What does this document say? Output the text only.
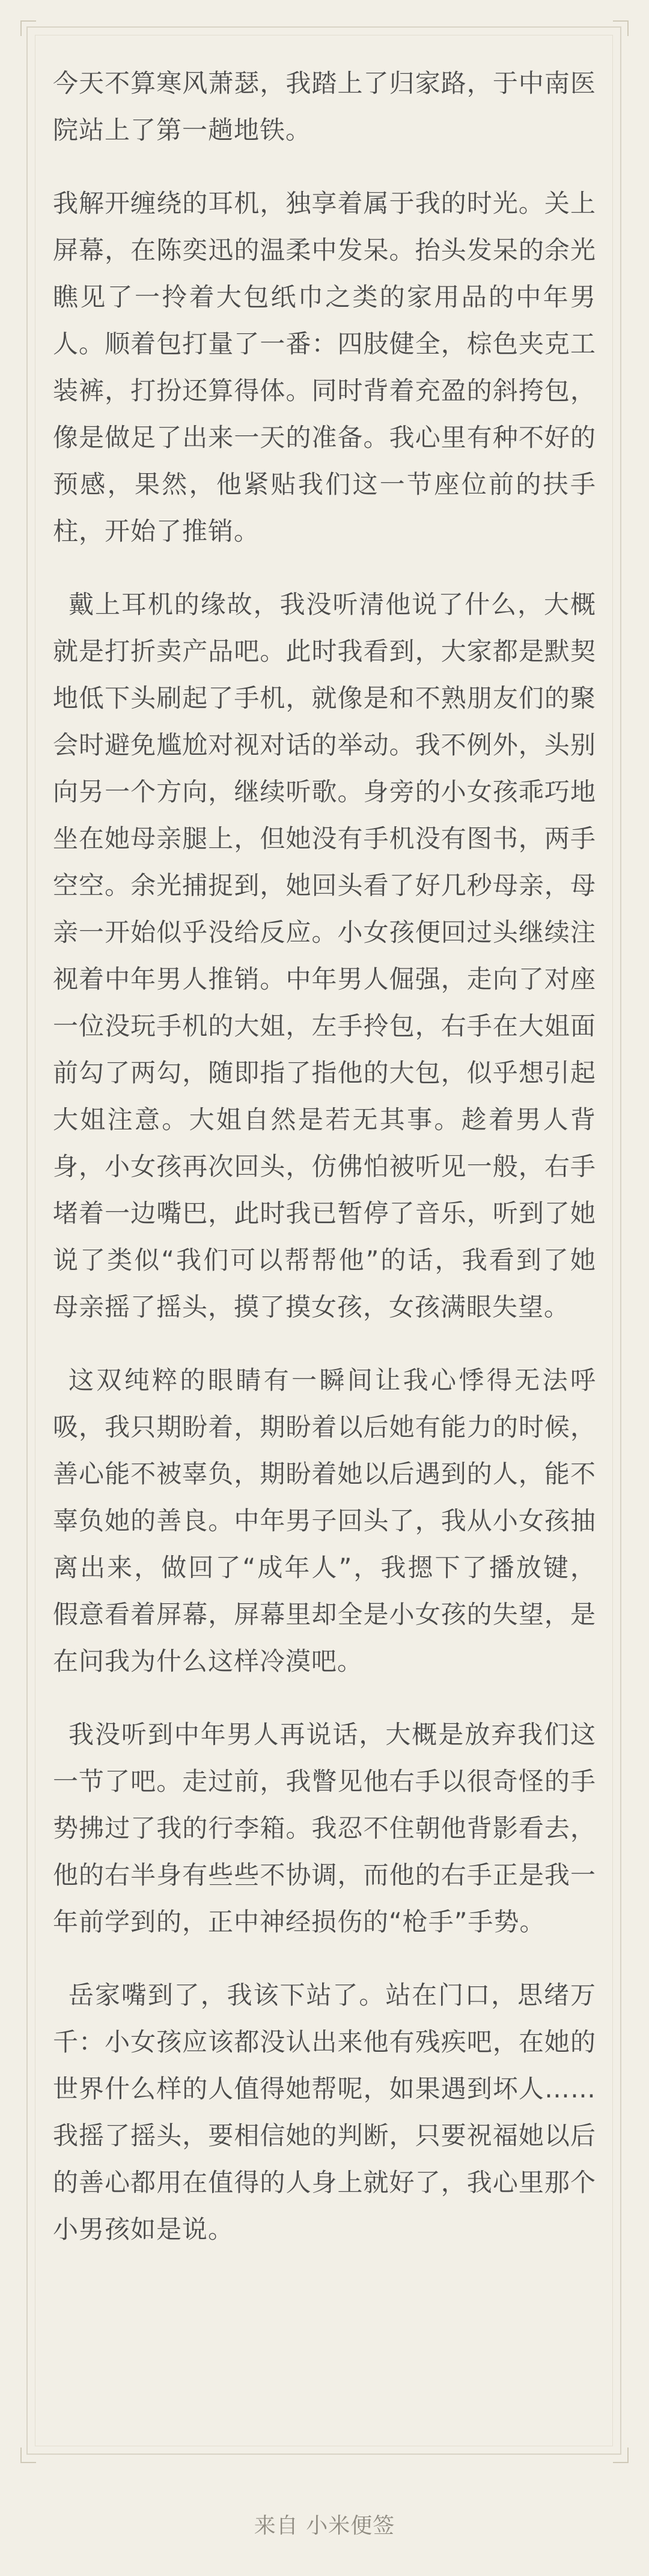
今天不算寒风萧瑟，我踏上了归家路，于中南医院站上了第一趟地铁。

我解开缠绕的耳机，独享着属于我的时光。关上屏幕，在陈奕迅的温柔中发呆。抬头发呆的余光瞧见了一拎着大包纸巾之类的家用品的中年男人。顺着包打量了一番：四肢健全，棕色夹克工装裤，打扮还算得体。同时背着充盈的斜挎包，像是做足了出来一天的准备。我心里有种不好的预感，果然，他紧贴我们这一节座位前的扶手柱，开始了推销。

戴上耳机的缘故，我没听清他说了什么，大概就是打折卖产品吧。此时我看到，大家都是默契地低下头刷起了手机，就像是和不熟朋友们的聚会时避免尴尬对视对话的举动。我不例外，头别向另一个方向，继续听歌。身旁的小女孩乖巧地坐在她母亲腿上，但她没有手机没有图书，两手空空。余光捕捉到，她回头看了好几秒母亲，母亲一开始似乎没给反应。小女孩便回过头继续注视着中年男人推销。中年男人倔强，走向了对座一位没玩手机的大姐，左手拎包，右手在大姐面前勾了两勾，随即指了指他的大包，似乎想引起大姐注意。大姐自然是若无其事。趁着男人背身，小女孩再次回头，仿佛怕被听见一般，右手堵着一边嘴巴，此时我已暂停了音乐，听到了她说了类似“我们可以帮帮他”的话，我看到了她母亲摇了摇头，摸了摸女孩，女孩满眼失望。

这双纯粹的眼睛有一瞬间让我心悸得无法呼吸，我只期盼着，期盼着以后她有能力的时候，善心能不被辜负，期盼着她以后遇到的人，能不辜负她的善良。中年男子回头了，我从小女孩抽离出来，做回了“成年人”，我摁下了播放键，假意看着屏幕，屏幕里却全是小女孩的失望，是在问我为什么这样冷漠吧。

我没听到中年男人再说话，大概是放弃我们这一节了吧。走过前，我瞥见他右手以很奇怪的手势拂过了我的行李箱。我忍不住朝他背影看去，他的右半身有些些不协调，而他的右手正是我一年前学到的，正中神经损伤的“枪手”手势。

岳家嘴到了，我该下站了。站在门口，思绪万千：小女孩应该都没认出来他有残疾吧，在她的世界什么样的人值得她帮呢，如果遇到坏人……我摇了摇头，要相信她的判断，只要祝福她以后的善心都用在值得的人身上就好了，我心里那个小男孩如是说。

来自 小米便签
